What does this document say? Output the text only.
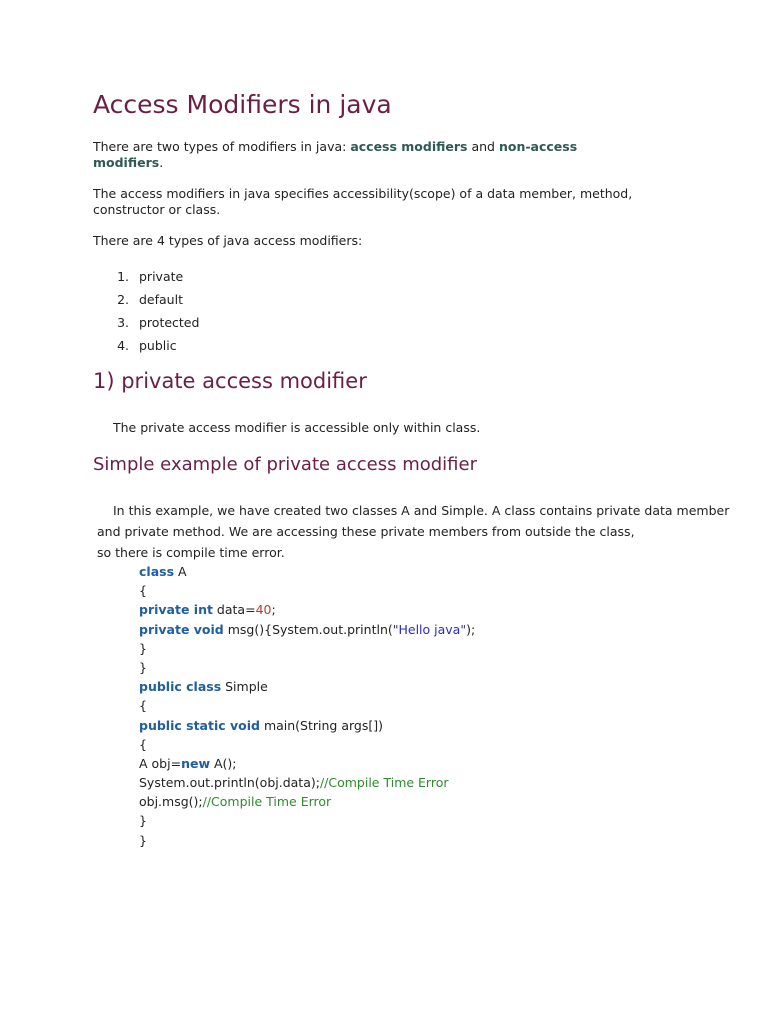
Access Modifiers in java

There are two types of modifiers in java: access modifiers and non-access
modifiers.

The access modifiers in java specifies accessibility(scope) of a data member, method, constructor or class.

There are 4 types of java access modifiers:

1. private
2. default
3. protected
4. public
1) private access modifier

The private access modifier is accessible only within class.

Simple example of private access modifier

In this example, we have created two classes A and Simple. A class contains private data member
and private method. We are accessing these private members from outside the class,
so there is compile time error.

class A
{
private int data=40;
private void msg(){System.out.println("Hello java");
}
}
public class Simple
{
public static void main(String args[])
{
A obj=new A();
System.out.println(obj.data);//Compile Time Error
obj.msg();//Compile Time Error
}
}
